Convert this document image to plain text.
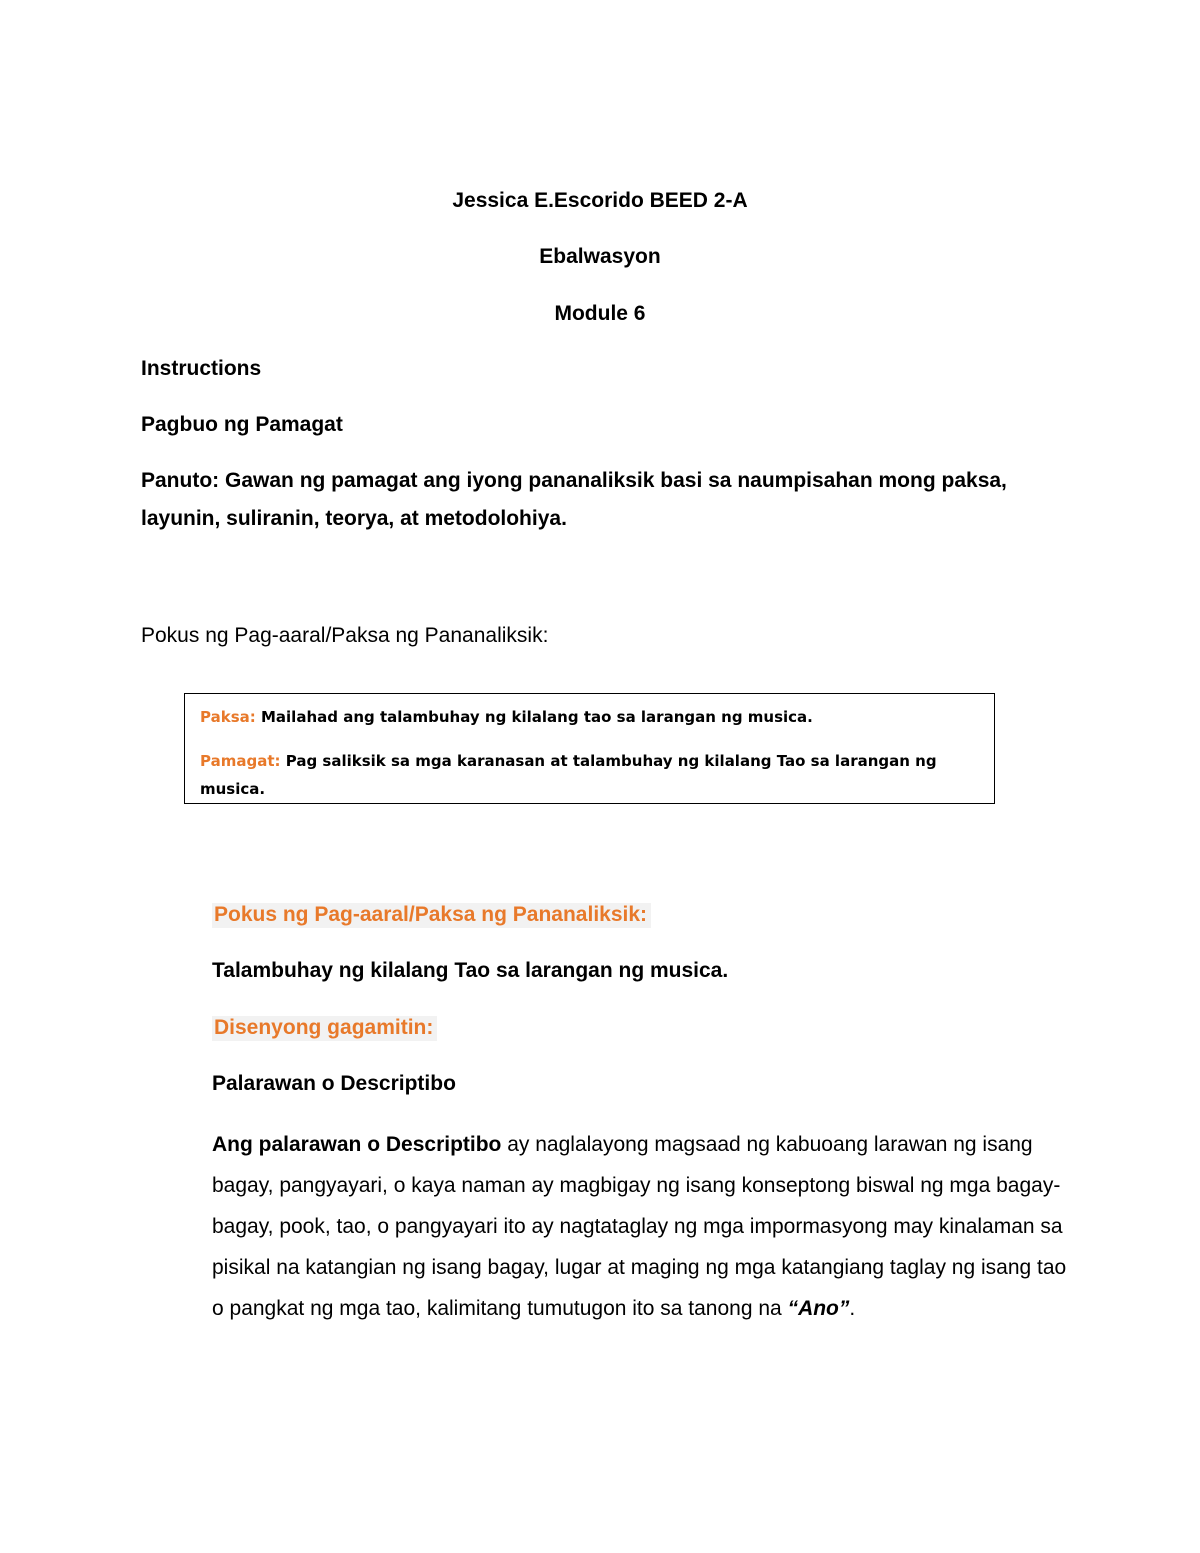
Jessica E.Escorido BEED 2-A

Ebalwasyon

Module 6

Instructions

Pagbuo ng Pamagat

Panuto: Gawan ng pamagat ang iyong pananaliksik basi sa naumpisahan mong paksa, layunin, suliranin, teorya, at metodolohiya.

Pokus ng Pag-aaral/Paksa ng Pananaliksik:

Paksa: Mailahad ang talambuhay ng kilalang tao sa larangan ng musica.

Pamagat: Pag saliksik sa mga karanasan at talambuhay ng kilalang Tao sa larangan ng musica.

Pokus ng Pag-aaral/Paksa ng Pananaliksik:

Talambuhay ng kilalang Tao sa larangan ng musica.

Disenyong gagamitin:

Palarawan o Descriptibo

Ang palarawan o Descriptibo ay naglalayong magsaad ng kabuoang larawan ng isang bagay, pangyayari, o kaya naman ay magbigay ng isang konseptong biswal ng mga bagay- bagay, pook, tao, o pangyayari ito ay nagtataglay ng mga impormasyong may kinalaman sa pisikal na katangian ng isang bagay, lugar at maging ng mga katangiang taglay ng isang tao o pangkat ng mga tao, kalimitang tumutugon ito sa tanong na “Ano”.
